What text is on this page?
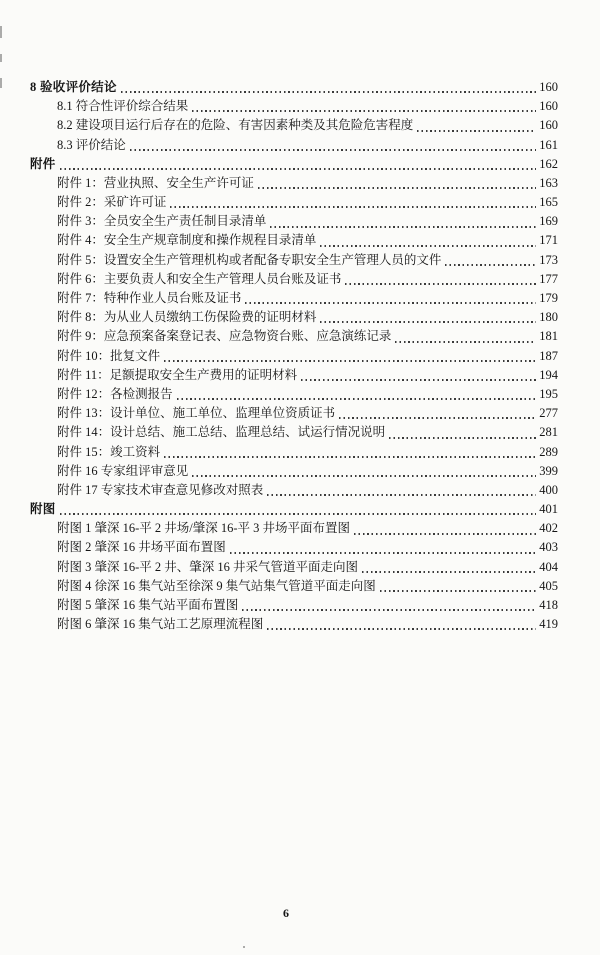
8 验收评价结论	160
8.1 符合性评价综合结果	160
8.2 建设项目运行后存在的危险、有害因素种类及其危险危害程度	160
8.3 评价结论	161
附件	162
附件 1：营业执照、安全生产许可证	163
附件 2：采矿许可证	165
附件 3：全员安全生产责任制目录清单	169
附件 4：安全生产规章制度和操作规程目录清单	171
附件 5：设置安全生产管理机构或者配备专职安全生产管理人员的文件	173
附件 6：主要负责人和安全生产管理人员台账及证书	177
附件 7：特种作业人员台账及证书	179
附件 8：为从业人员缴纳工伤保险费的证明材料	180
附件 9：应急预案备案登记表、应急物资台账、应急演练记录	181
附件 10：批复文件	187
附件 11：足额提取安全生产费用的证明材料	194
附件 12：各检测报告	195
附件 13：设计单位、施工单位、监理单位资质证书	277
附件 14：设计总结、施工总结、监理总结、试运行情况说明	281
附件 15：竣工资料	289
附件 16 专家组评审意见	399
附件 17 专家技术审查意见修改对照表	400
附图	401
附图 1 肇深 16-平 2 井场/肇深 16-平 3 井场平面布置图	402
附图 2 肇深 16 井场平面布置图	403
附图 3 肇深 16-平 2 井、肇深 16 井采气管道平面走向图	404
附图 4 徐深 16 集气站至徐深 9 集气站集气管道平面走向图	405
附图 5 肇深 16 集气站平面布置图	418
附图 6 肇深 16 集气站工艺原理流程图	419
6
